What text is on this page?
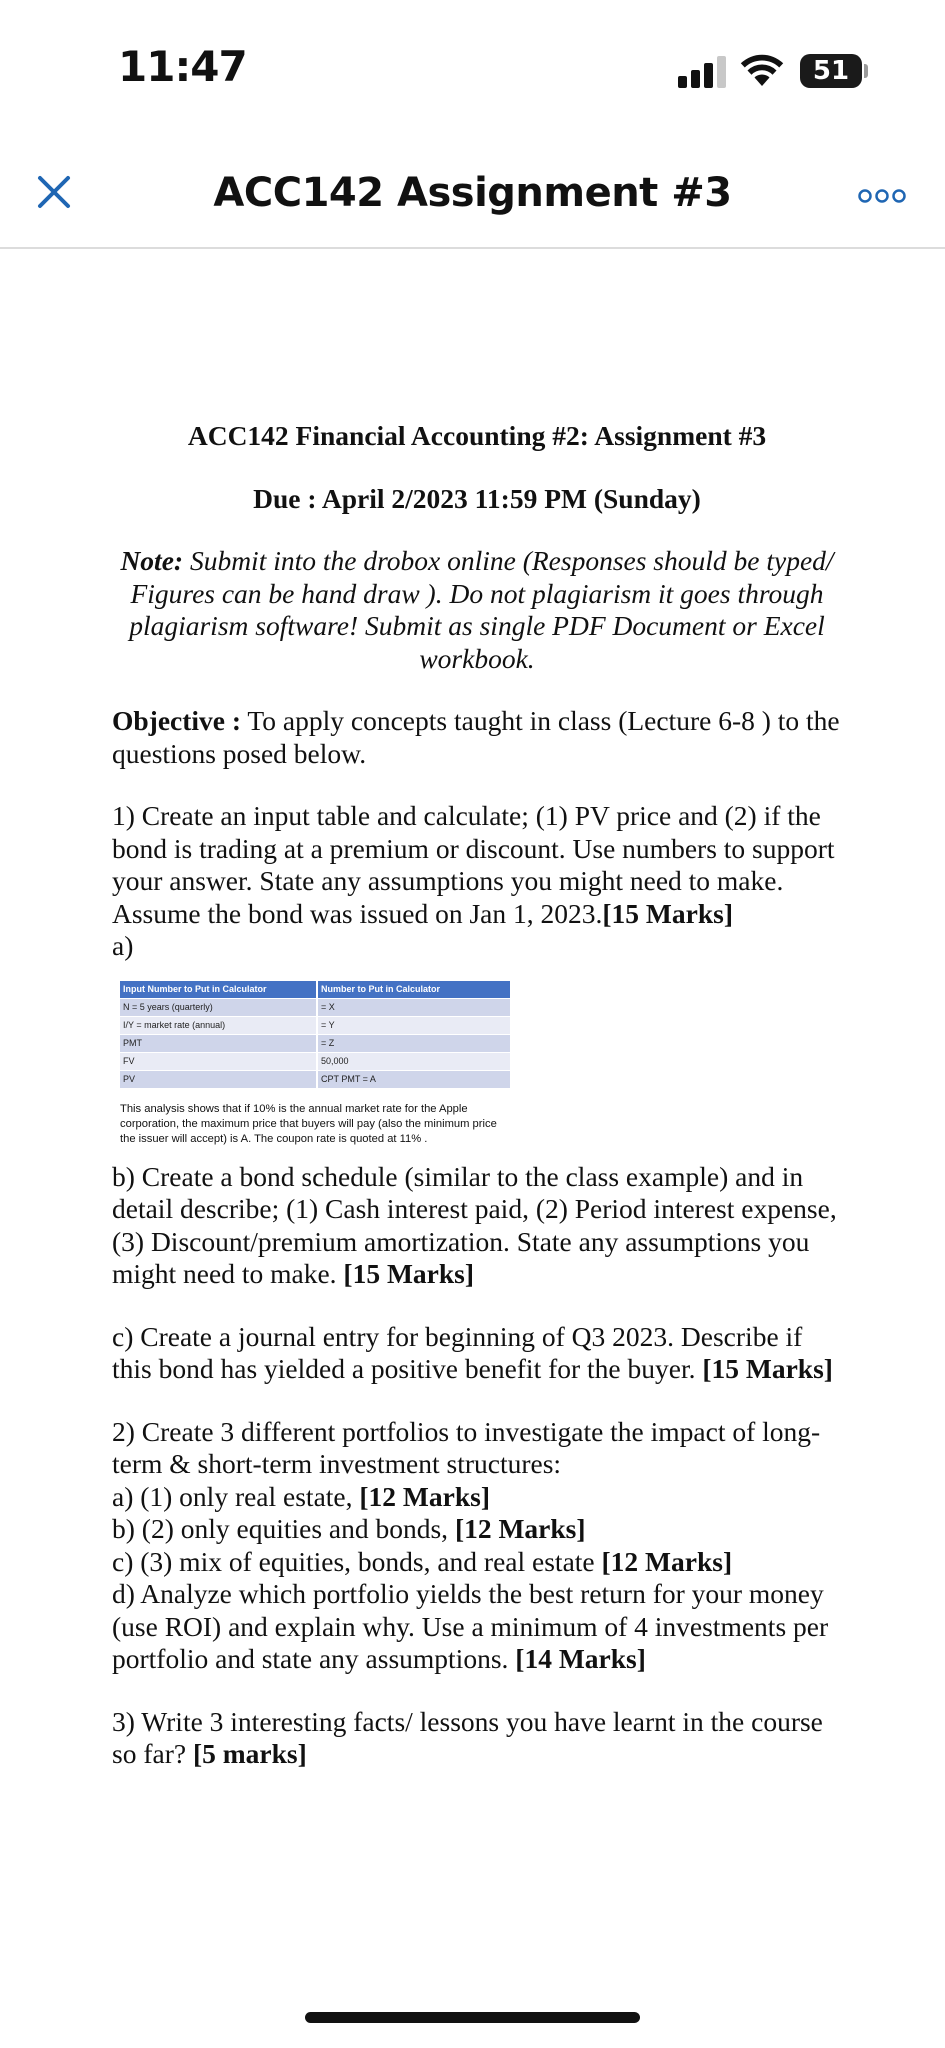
11:47	51
ACC142 Assignment #3

ACC142 Financial Accounting #2: Assignment #3

Due : April 2/2023 11:59 PM (Sunday)

Note: Submit into the drobox online (Responses should be typed/ Figures can be hand draw ). Do not plagiarism it goes through plagiarism software! Submit as single PDF Document or Excel workbook.

Objective : To apply concepts taught in class (Lecture 6-8 ) to the questions posed below.

1) Create an input table and calculate; (1) PV price and (2) if the bond is trading at a premium or discount. Use numbers to support your answer. State any assumptions you might need to make. Assume the bond was issued on Jan 1, 2023.[15 Marks]
a)

Input Number to Put in Calculator	Number to Put in Calculator
N = 5 years (quarterly)	= X
I/Y = market rate (annual)	= Y
PMT	= Z
FV	50,000
PV	CPT PMT = A
This analysis shows that if 10% is the annual market rate for the Apple corporation, the maximum price that buyers will pay (also the minimum price the issuer will accept) is A. The coupon rate is quoted at 11% .

b) Create a bond schedule (similar to the class example) and in detail describe; (1) Cash interest paid, (2) Period interest expense, (3) Discount/premium amortization. State any assumptions you might need to make. [15 Marks]

c) Create a journal entry for beginning of Q3 2023. Describe if this bond has yielded a positive benefit for the buyer. [15 Marks]

2) Create 3 different portfolios to investigate the impact of long-term & short-term investment structures:
a) (1) only real estate, [12 Marks]
b) (2) only equities and bonds, [12 Marks]
c) (3) mix of equities, bonds, and real estate [12 Marks]
d) Analyze which portfolio yields the best return for your money (use ROI) and explain why. Use a minimum of 4 investments per portfolio and state any assumptions. [14 Marks]

3) Write 3 interesting facts/ lessons you have learnt in the course so far? [5 marks]
